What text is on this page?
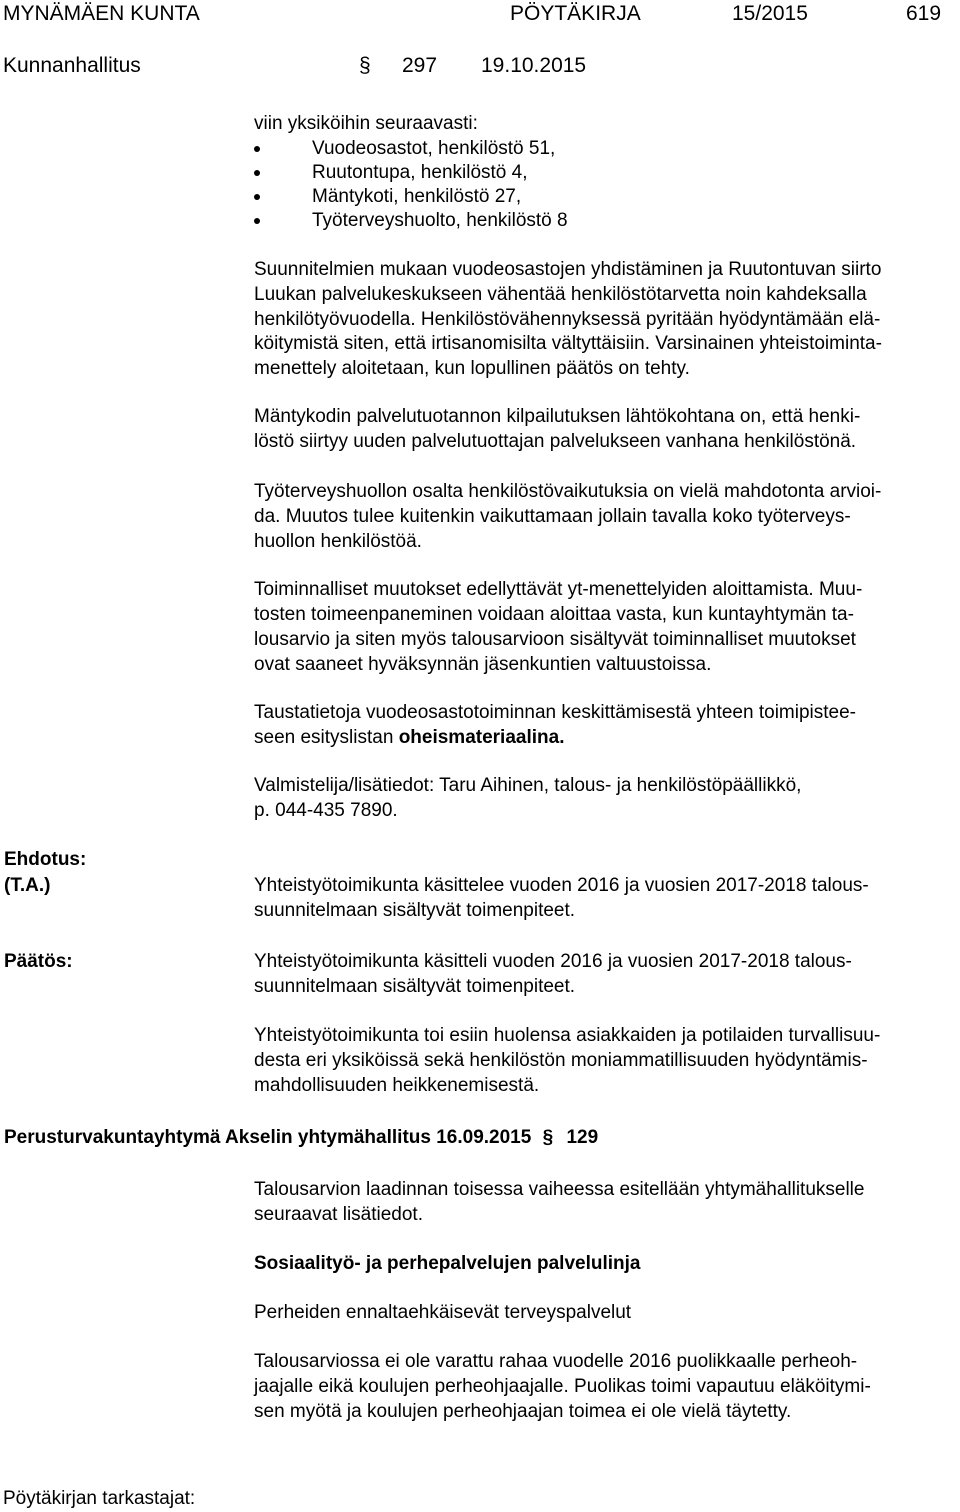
MYNÄMÄEN KUNTA	PÖYTÄKIRJA	15/2015	619
Kunnanhallitus	§ 297 19.10.2015
viin yksiköihin seuraavasti:
Vuodeosastot, henkilöstö 51,
Ruutontupa, henkilöstö 4,
Mäntykoti, henkilöstö 27,
Työterveyshuolto, henkilöstö 8
Suunnitelmien mukaan vuodeosastojen yhdistäminen ja Ruutontuvan siirto
Luukan palvelukeskukseen vähentää henkilöstötarvetta noin kahdeksalla
henkilötyövuodella. Henkilöstövähennyksessä pyritään hyödyntämään elä-
köitymistä siten, että irtisanomisilta vältyttäisiin. Varsinainen yhteistoiminta-
menettely aloitetaan, kun lopullinen päätös on tehty.
Mäntykodin palvelutuotannon kilpailutuksen lähtökohtana on, että henki-
löstö siirtyy uuden palvelutuottajan palvelukseen vanhana henkilöstönä.
Työterveyshuollon osalta henkilöstövaikutuksia on vielä mahdotonta arvioi-
da. Muutos tulee kuitenkin vaikuttamaan jollain tavalla koko työterveys-
huollon henkilöstöä.
Toiminnalliset muutokset edellyttävät yt-menettelyiden aloittamista. Muu-
tosten toimeenpaneminen voidaan aloittaa vasta, kun kuntayhtymän ta-
lousarvio ja siten myös talousarvioon sisältyvät toiminnalliset muutokset
ovat saaneet hyväksynnän jäsenkuntien valtuustoissa.
Taustatietoja vuodeosastotoiminnan keskittämisestä yhteen toimipistee-
seen esityslistan oheismateriaalina.
Valmistelija/lisätiedot: Taru Aihinen, talous- ja henkilöstöpäällikkö,
p. 044-435 7890.
Ehdotus:
(T.A.)	Yhteistyötoimikunta käsittelee vuoden 2016 ja vuosien 2017-2018 talous-
suunnitelmaan sisältyvät toimenpiteet.
Päätös:	Yhteistyötoimikunta käsitteli vuoden 2016 ja vuosien 2017-2018 talous-
suunnitelmaan sisältyvät toimenpiteet.
Yhteistyötoimikunta toi esiin huolensa asiakkaiden ja potilaiden turvallisuu-
desta eri yksiköissä sekä henkilöstön moniammatillisuuden hyödyntämis-
mahdollisuuden heikkenemisestä.
Perusturvakuntayhtymä Akselin yhtymähallitus 16.09.2015 § 129
Talousarvion laadinnan toisessa vaiheessa esitellään yhtymähallitukselle
seuraavat lisätiedot.
Sosiaalityö- ja perhepalvelujen palvelulinja
Perheiden ennaltaehkäisevät terveyspalvelut
Talousarviossa ei ole varattu rahaa vuodelle 2016 puolikkaalle perheoh-
jaajalle eikä koulujen perheohjaajalle. Puolikas toimi vapautuu eläköitymi-
sen myötä ja koulujen perheohjaajan toimea ei ole vielä täytetty.
Pöytäkirjan tarkastajat:
